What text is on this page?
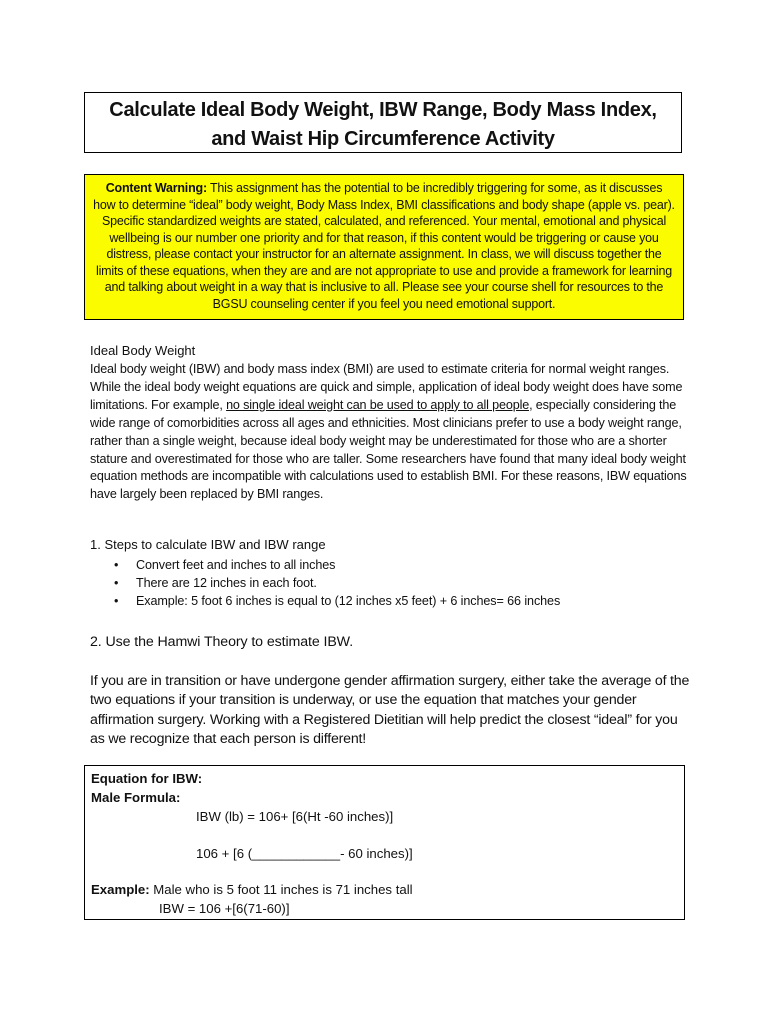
Calculate Ideal Body Weight, IBW Range, Body Mass Index,
and Waist Hip Circumference Activity
Content Warning: This assignment has the potential to be incredibly triggering for some, as it discusses how to determine “ideal” body weight, Body Mass Index, BMI classifications and body shape (apple vs. pear). Specific standardized weights are stated, calculated, and referenced. Your mental, emotional and physical wellbeing is our number one priority and for that reason, if this content would be triggering or cause you distress, please contact your instructor for an alternate assignment. In class, we will discuss together the limits of these equations, when they are and are not appropriate to use and provide a framework for learning and talking about weight in a way that is inclusive to all. Please see your course shell for resources to the BGSU counseling center if you feel you need emotional support.
Ideal Body Weight
Ideal body weight (IBW) and body mass index (BMI) are used to estimate criteria for normal weight ranges. While the ideal body weight equations are quick and simple, application of ideal body weight does have some limitations. For example, no single ideal weight can be used to apply to all people, especially considering the wide range of comorbidities across all ages and ethnicities. Most clinicians prefer to use a body weight range, rather than a single weight, because ideal body weight may be underestimated for those who are a shorter stature and overestimated for those who are taller. Some researchers have found that many ideal body weight equation methods are incompatible with calculations used to establish BMI. For these reasons, IBW equations have largely been replaced by BMI ranges.
1. Steps to calculate IBW and IBW range
• Convert feet and inches to all inches
• There are 12 inches in each foot.
• Example: 5 foot 6 inches is equal to (12 inches x5 feet) + 6 inches= 66 inches
2. Use the Hamwi Theory to estimate IBW.
If you are in transition or have undergone gender affirmation surgery, either take the average of the two equations if your transition is underway, or use the equation that matches your gender affirmation surgery. Working with a Registered Dietitian will help predict the closest “ideal” for you as we recognize that each person is different!
Equation for IBW:
Male Formula:
IBW (lb) = 106+ [6(Ht -60 inches)]
106 + [6 (____________- 60 inches)]
Example: Male who is 5 foot 11 inches is 71 inches tall
IBW = 106 +[6(71-60)]
